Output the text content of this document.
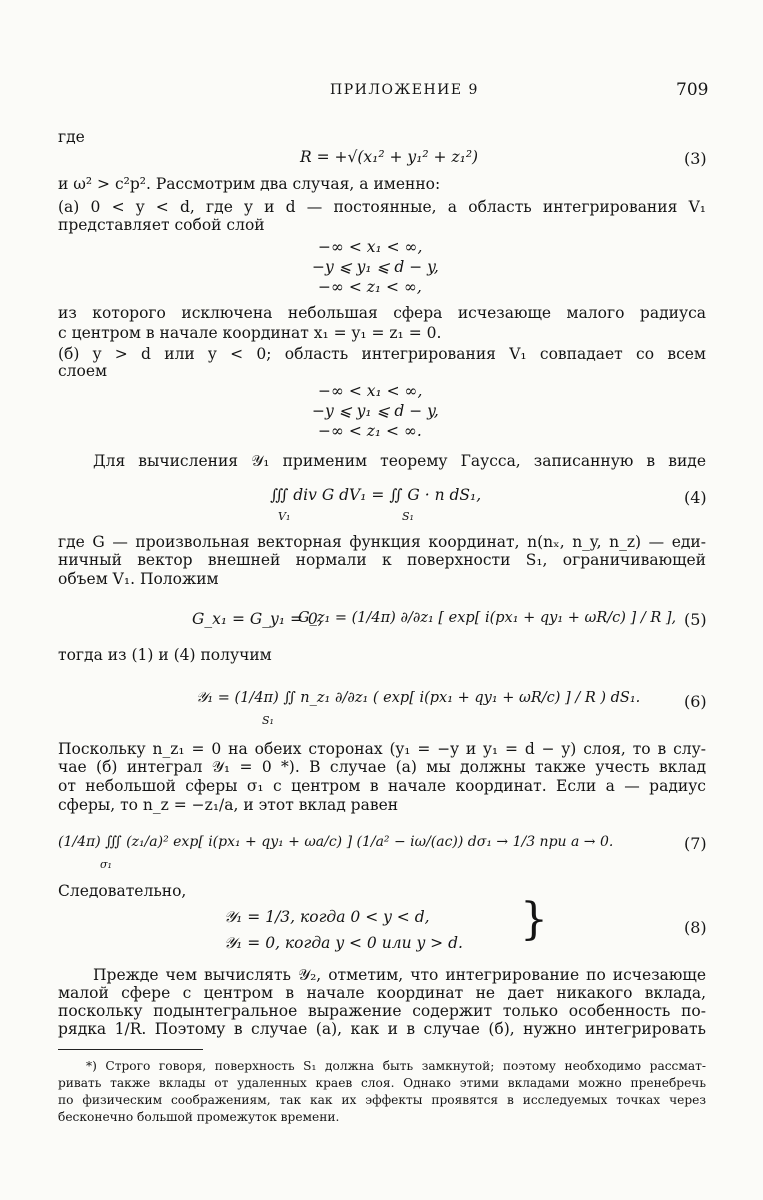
ПРИЛОЖЕНИЕ 9	709
где
R = +√(x₁² + y₁² + z₁²)	(3)
и ω² > c²p². Рассмотрим два случая, а именно:
(а) 0 < y < d, где y и d — постоянные, а область интегрирования V₁
представляет собой слой
−∞ < x₁ < ∞,
−y ⩽ y₁ ⩽ d − y,
−∞ < z₁ < ∞,
из которого исключена небольшая сфера исчезающе малого радиуса
с центром в начале координат x₁ = y₁ = z₁ = 0.
(б) y > d или y < 0; область интегрирования V₁ совпадает со всем
слоем
−∞ < x₁ < ∞,
−y ⩽ y₁ ⩽ d − y,
−∞ < z₁ < ∞.
Для вычисления 𝒴₁ применим теорему Гаусса, записанную в виде
∭ div G dV₁ = ∬ G · n dS₁,
V₁	S₁
(4)
где G — произвольная векторная функция координат, n(nₓ, n_y, n_z) — еди-
ничный вектор внешней нормали к поверхности S₁, ограничивающей
объем V₁. Положим
G_x₁ = G_y₁ = 0,
G_z₁ = (1/4π) ∂/∂z₁ [ exp[ i(px₁ + qy₁ + ωR/c) ] / R ], (5)
тогда из (1) и (4) получим
𝒴₁ = (1/4π) ∬ n_z₁ ∂/∂z₁ ( exp[ i(px₁ + qy₁ + ωR/c) ] / R ) dS₁.
S₁
(6)
Поскольку n_z₁ = 0 на обеих сторонах (y₁ = −y и y₁ = d − y) слоя, то в слу-
чае (б) интеграл 𝒴₁ = 0 *). В случае (а) мы должны также учесть вклад
от небольшой сферы σ₁ с центром в начале координат. Если a — радиус
сферы, то n_z = −z₁/a, и этот вклад равен
(1/4π) ∭ (z₁/a)² exp[ i(px₁ + qy₁ + ωa/c) ] (1/a² − iω/(ac)) dσ₁ → 1/3 при a → 0.
σ₁
(7)
Следовательно,
𝒴₁ = 1/3, когда 0 < y < d,
𝒴₁ = 0, когда y < 0 или y > d. }	(8)
Прежде чем вычислять 𝒴₂, отметим, что интегрирование по исчезающе
малой сфере с центром в начале координат не дает никакого вклада,
поскольку подынтегральное выражение содержит только особенность по-
рядка 1/R. Поэтому в случае (а), как и в случае (б), нужно интегрировать
*) Строго говоря, поверхность S₁ должна быть замкнутой; поэтому необходимо рассмат-
ривать также вклады от удаленных краев слоя. Однако этими вкладами можно пренебречь
по физическим соображениям, так как их эффекты проявятся в исследуемых точках через
бесконечно большой промежуток времени.
